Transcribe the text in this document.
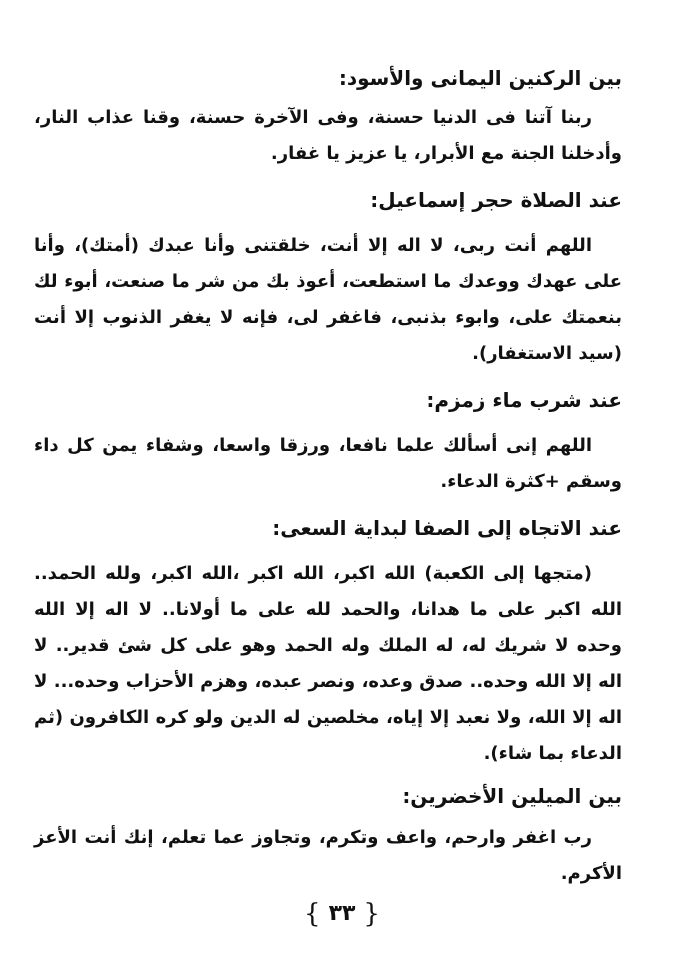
بين الركنين اليمانى والأسود:

ربنا آتنا فى الدنيا حسنة، وفى الآخرة حسنة، وقنا عذاب النار، وأدخلنا الجنة مع الأبرار، يا عزيز يا غفار.

عند الصلاة حجر إسماعيل:

اللهم أنت ربى، لا اله إلا أنت، خلقتنى وأنا عبدك (أمتك)، وأنا على عهدك ووعدك ما استطعت، أعوذ بك من شر ما صنعت، أبوء لك بنعمتك على، وابوء بذنبى، فاغفر لى، فإنه لا يغفر الذنوب إلا أنت (سيد الاستغفار).

عند شرب ماء زمزم:

اللهم إنى أسألك علما نافعا، ورزقا واسعا، وشفاء يمن كل داء وسقم +كثرة الدعاء.

عند الاتجاه إلى الصفا لبداية السعى:

(متجها إلى الكعبة) الله اكبر، الله اكبر ،الله اكبر، ولله الحمد.. الله اكبر على ما هدانا، والحمد لله على ما أولانا.. لا اله إلا الله وحده لا شريك له، له الملك وله الحمد وهو على كل شئ قدير.. لا اله إلا الله وحده.. صدق وعده، ونصر عبده، وهزم الأحزاب وحده... لا اله إلا الله، ولا نعبد إلا إياه، مخلصين له الدين ولو كره الكافرون (ثم الدعاء بما شاء).

بين الميلين الأخضرين:

رب اغفر وارحم، واعف وتكرم، وتجاوز عما تعلم، إنك أنت الأعز الأكرم.

{ ٣٣ }
